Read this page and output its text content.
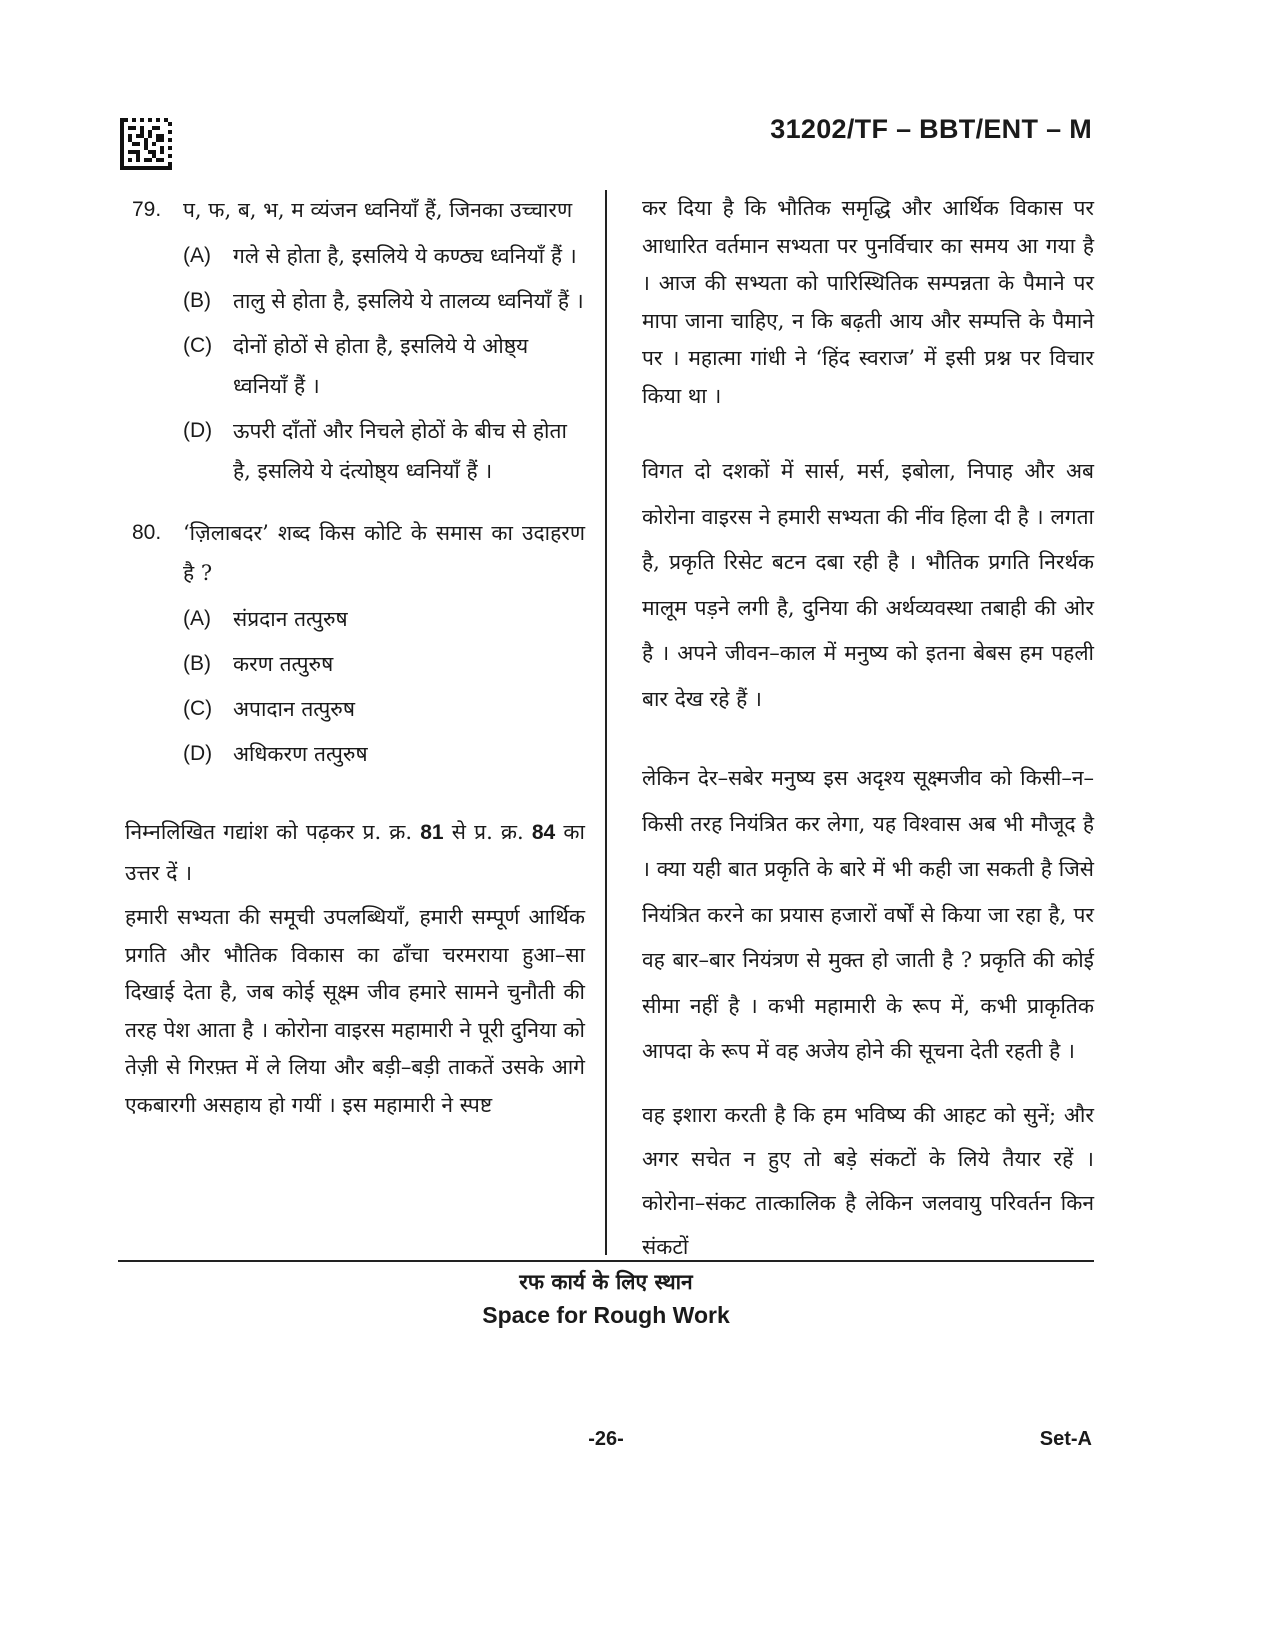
31202/TF – BBT/ENT – M
79. प, फ, ब, भ, म व्यंजन ध्वनियाँ हैं, जिनका उच्चारण
(A) गले से होता है, इसलिये ये कण्ठ्य ध्वनियाँ हैं ।
(B) तालु से होता है, इसलिये ये तालव्य ध्वनियाँ हैं ।
(C) दोनों होठों से होता है, इसलिये ये ओष्ठ्य ध्वनियाँ हैं ।
(D) ऊपरी दाँतों और निचले होठों के बीच से होता है, इसलिये ये दंत्योष्ठ्य ध्वनियाँ हैं ।
80. ‘ज़िलाबदर’ शब्द किस कोटि के समास का उदाहरण है ?
(A) संप्रदान तत्पुरुष
(B) करण तत्पुरुष
(C) अपादान तत्पुरुष
(D) अधिकरण तत्पुरुष

निम्नलिखित गद्यांश को पढ़कर प्र. क्र. 81 से प्र. क्र. 84 का उत्तर दें ।

हमारी सभ्यता की समूची उपलब्धियाँ, हमारी सम्पूर्ण आर्थिक प्रगति और भौतिक विकास का ढाँचा चरमराया हुआ–सा दिखाई देता है, जब कोई सूक्ष्म जीव हमारे सामने चुनौती की तरह पेश आता है । कोरोना वाइरस महामारी ने पूरी दुनिया को तेज़ी से गिरफ़्त में ले लिया और बड़ी–बड़ी ताकतें उसके आगे एकबारगी असहाय हो गयीं । इस महामारी ने स्पष्ट

कर दिया है कि भौतिक समृद्धि और आर्थिक विकास पर आधारित वर्तमान सभ्यता पर पुनर्विचार का समय आ गया है । आज की सभ्यता को पारिस्थितिक सम्पन्नता के पैमाने पर मापा जाना चाहिए, न कि बढ़ती आय और सम्पत्ति के पैमाने पर । महात्मा गांधी ने ‘हिंद स्वराज’ में इसी प्रश्न पर विचार किया था ।

विगत दो दशकों में सार्स, मर्स, इबोला, निपाह और अब कोरोना वाइरस ने हमारी सभ्यता की नींव हिला दी है । लगता है, प्रकृति रिसेट बटन दबा रही है । भौतिक प्रगति निरर्थक मालूम पड़ने लगी है, दुनिया की अर्थव्यवस्था तबाही की ओर है । अपने जीवन–काल में मनुष्य को इतना बेबस हम पहली बार देख रहे हैं ।

लेकिन देर–सबेर मनुष्य इस अदृश्य सूक्ष्मजीव को किसी–न–किसी तरह नियंत्रित कर लेगा, यह विश्वास अब भी मौजूद है । क्या यही बात प्रकृति के बारे में भी कही जा सकती है जिसे नियंत्रित करने का प्रयास हजारों वर्षों से किया जा रहा है, पर वह बार–बार नियंत्रण से मुक्त हो जाती है ? प्रकृति की कोई सीमा नहीं है । कभी महामारी के रूप में, कभी प्राकृतिक आपदा के रूप में वह अजेय होने की सूचना देती रहती है ।

वह इशारा करती है कि हम भविष्य की आहट को सुनें; और अगर सचेत न हुए तो बड़े संकटों के लिये तैयार रहें । कोरोना–संकट तात्कालिक है लेकिन जलवायु परिवर्तन किन संकटों

रफ कार्य के लिए स्थान
Space for Rough Work
-26-	Set-A
